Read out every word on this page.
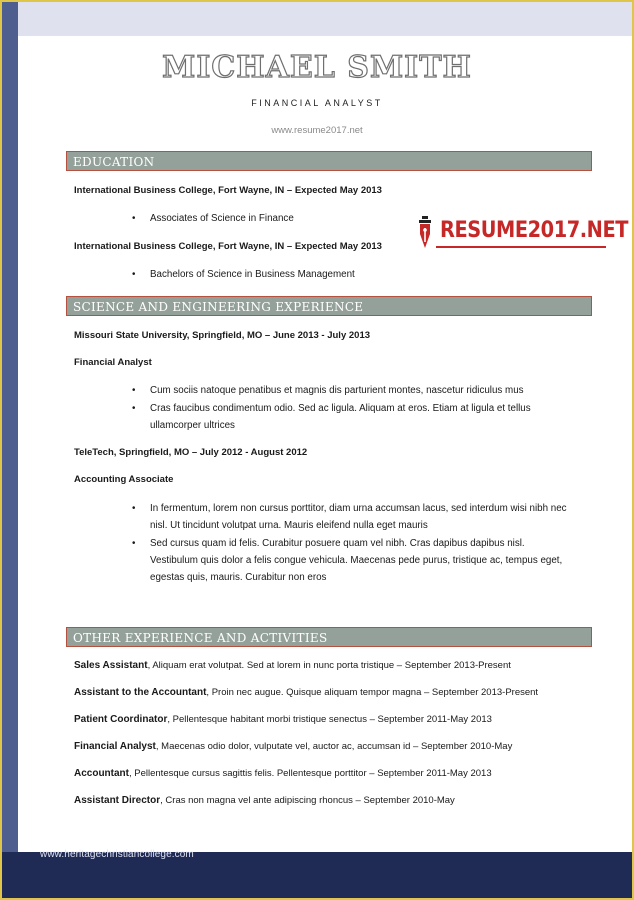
MICHAEL SMITH
FINANCIAL ANALYST
www.resume2017.net
EDUCATION
International Business College, Fort Wayne, IN – Expected May 2013
• Associates of Science in Finance
International Business College, Fort Wayne, IN – Expected May 2013
• Bachelors of Science in Business Management
RESUME2017.NET
SCIENCE AND ENGINEERING EXPERIENCE
Missouri State University, Springfield, MO – June 2013 - July 2013
Financial Analyst
• Cum sociis natoque penatibus et magnis dis parturient montes, nascetur ridiculus mus
• Cras faucibus condimentum odio. Sed ac ligula. Aliquam at eros. Etiam at ligula et tellus ullamcorper ultrices
TeleTech, Springfield, MO – July 2012 - August 2012
Accounting Associate
• In fermentum, lorem non cursus porttitor, diam urna accumsan lacus, sed interdum wisi nibh nec nisl. Ut tincidunt volutpat urna. Mauris eleifend nulla eget mauris
• Sed cursus quam id felis. Curabitur posuere quam vel nibh. Cras dapibus dapibus nisl. Vestibulum quis dolor a felis congue vehicula. Maecenas pede purus, tristique ac, tempus eget, egestas quis, mauris. Curabitur non eros
OTHER EXPERIENCE AND ACTIVITIES
Sales Assistant, Aliquam erat volutpat. Sed at lorem in nunc porta tristique – September 2013-Present
Assistant to the Accountant, Proin nec augue. Quisque aliquam tempor magna – September 2013-Present
Patient Coordinator, Pellentesque habitant morbi tristique senectus – September 2011-May 2013
Financial Analyst, Maecenas odio dolor, vulputate vel, auctor ac, accumsan id – September 2010-May
Accountant, Pellentesque cursus sagittis felis. Pellentesque porttitor – September 2011-May 2013
Assistant Director, Cras non magna vel ante adipiscing rhoncus – September 2010-May
www.heritagechristiancollege.com
